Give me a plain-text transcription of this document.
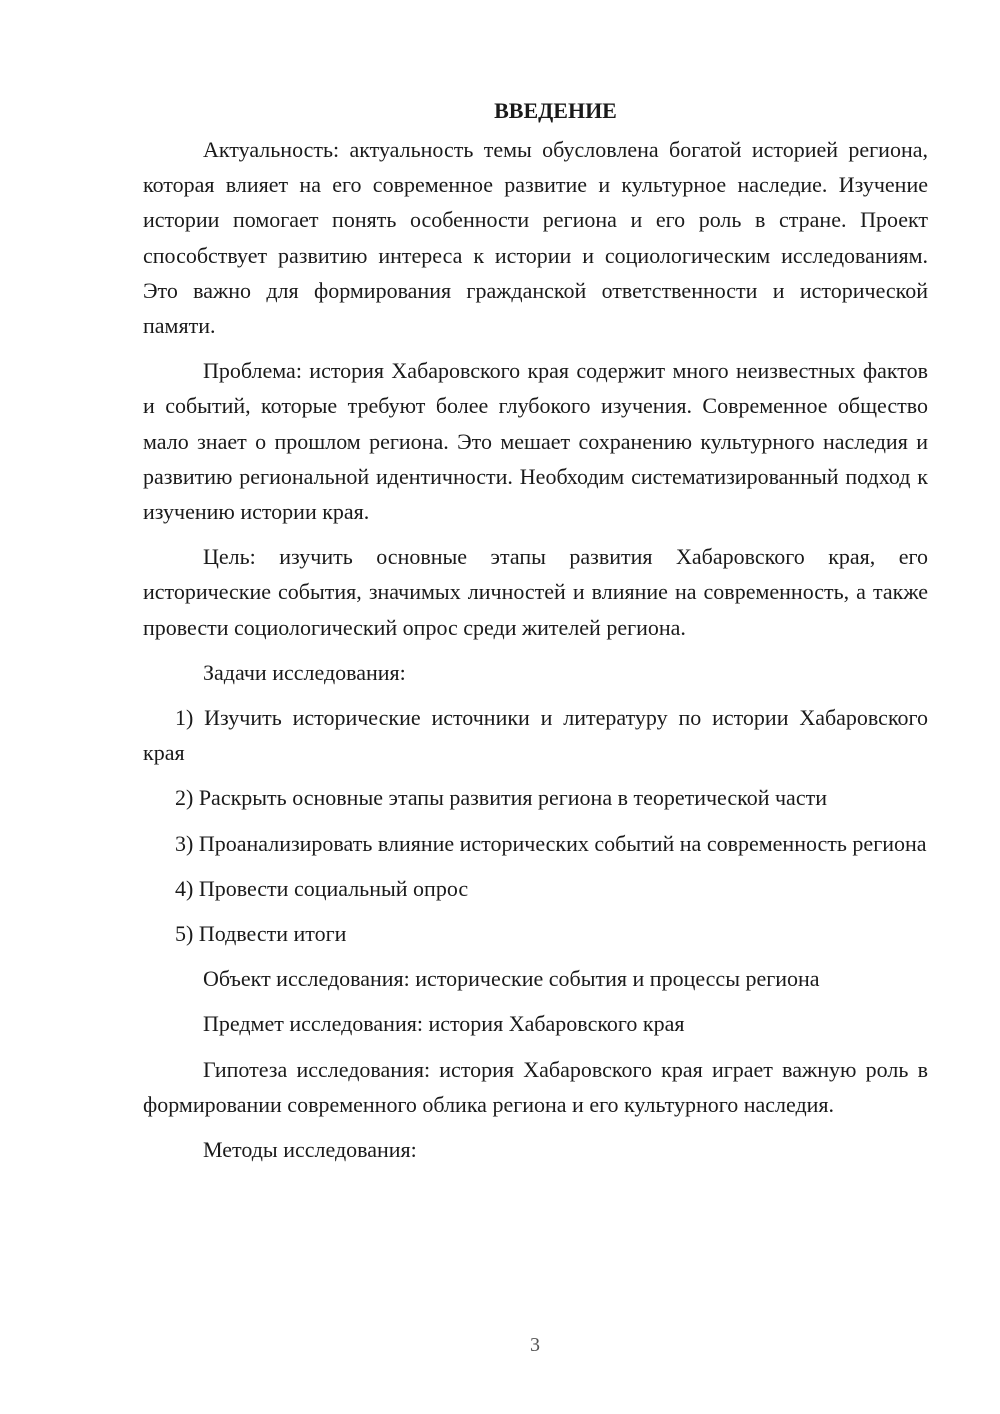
ВВЕДЕНИЕ

Актуальность: актуальность темы обусловлена богатой историей региона, которая влияет на его современное развитие и культурное наследие. Изучение истории помогает понять особенности региона и его роль в стране. Проект способствует развитию интереса к истории и социологическим исследованиям. Это важно для формирования гражданской ответственности и исторической памяти.

Проблема: история Хабаровского края содержит много неизвестных фактов и событий, которые требуют более глубокого изучения. Современное общество мало знает о прошлом региона. Это мешает сохранению культурного наследия и развитию региональной идентичности. Необходим систематизированный подход к изучению истории края.

Цель: изучить основные этапы развития Хабаровского края, его исторические события, значимых личностей и влияние на современность, а также провести социологический опрос среди жителей региона.

Задачи исследования:

1) Изучить исторические источники и литературу по истории Хабаровского края

2) Раскрыть основные этапы развития региона в теоретической части

3) Проанализировать влияние исторических событий на современность региона

4) Провести социальный опрос

5) Подвести итоги

Объект исследования: исторические события и процессы региона

Предмет исследования: история Хабаровского края

Гипотеза исследования: история Хабаровского края играет важную роль в формировании современного облика региона и его культурного наследия.

Методы исследования:

3
